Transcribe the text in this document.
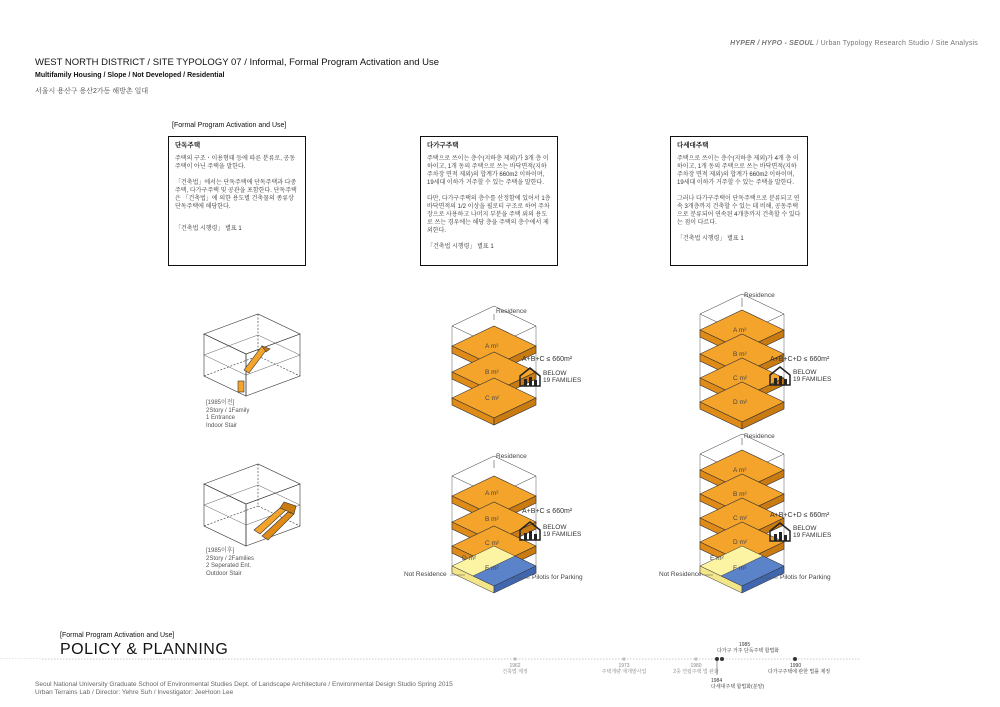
HYPER / HYPO - SEOUL / Urban Typology Research Studio / Site Analysis
WEST NORTH DISTRICT / SITE TYPOLOGY 07 / Informal, Formal Program Activation and Use
Multifamily Housing / Slope / Not Developed / Residential
서울시 용산구 용산2가동 해방촌 일대
[Formal Program Activation and Use]
단독주택

주택의 구조ㆍ이용형태 등에 따른 분류로, 공동주택이 아닌 주택을 말한다.

「건축법」에서는 단독주택에 단독주택과 다중주택, 다가구주택 및 공관을 포함한다. 단독주택은 「건축법」에 의한 용도별 건축물의 종류상 단독주택에 해당한다.

「건축법 시행령」 별표 1

다가구주택

주택으로 쓰이는 층수(지하층 제외)가 3개 층 이하이고, 1개 동의 주택으로 쓰는 바닥면적(지하주차장 면적 제외)의 합계가 660m2 이하이며, 19세대 이하가 거주할 수 있는 주택을 말한다.

다만, 다가구주택의 층수를 산정함에 있어서 1층 바닥면적의 1/2 이상을 필로티 구조로 하여 주차장으로 사용하고 나머지 부분을 주택 외의 용도로 쓰는 경우에는 해당 층을 주택의 층수에서 제외한다.

「건축법 시행령」 별표 1

다세대주택

주택으로 쓰이는 층수(지하층 제외)가 4개 층 이하이고, 1개 동의 주택으로 쓰는 바닥면적(지하주차장 면적 제외)의 합계가 660m2 이하이며, 19세대 이하가 거주할 수 있는 주택을 말한다.

그러나 다가구주택이 단독주택으로 분류되고 연속 3개층까지 건축할 수 있는 데 비해, 공동주택으로 분류되어 연속된 4개층까지 건축할 수 있다는 점이 다르다.

「건축법 시행령」 별표 1

[1985이전]
2Story / 1Family
1 Entrance
Indoor Stair
[1985이후]
2Story / 2Families
2 Seperated Ent.
Outdoor Stair
Residence
Residence
Residence
Residence
A m²
B m²
C m²
A m²
B m²
C m²
D m²
A m²
B m²
C m²
D m²
E m²
A m²
B m²
C m²
D m²
E m²
F m²
A+B+C ≤ 660m²
A+B+C ≤ 660m²
A+B+C+D ≤ 660m²
A+B+C+D ≤ 660m²
BELOW
19 FAMILIES
BELOW
19 FAMILIES
BELOW
19 FAMILIES
BELOW
19 FAMILIES
Not Residence	Pilotis for Parking	Not Residence	Pilotis for Parking
[Formal Program Activation and Use]
POLICY & PLANNING
1962
건축법 제정
1973
주택개량 재개발사업
1980
2종 연립주택 법 완화
1985
다가구 거주 단독주택 합법화
1984
다세대주택 합법화(분양)
1990
다가구주택에 관한 법률 제정
Seoul National University Graduate School of Environmental Studies Dept. of Landscape Architecture / Environmental Design Studio Spring 2015
Urban Terrains Lab / Director: Yehre Suh / Investigator: JeeHoon Lee
